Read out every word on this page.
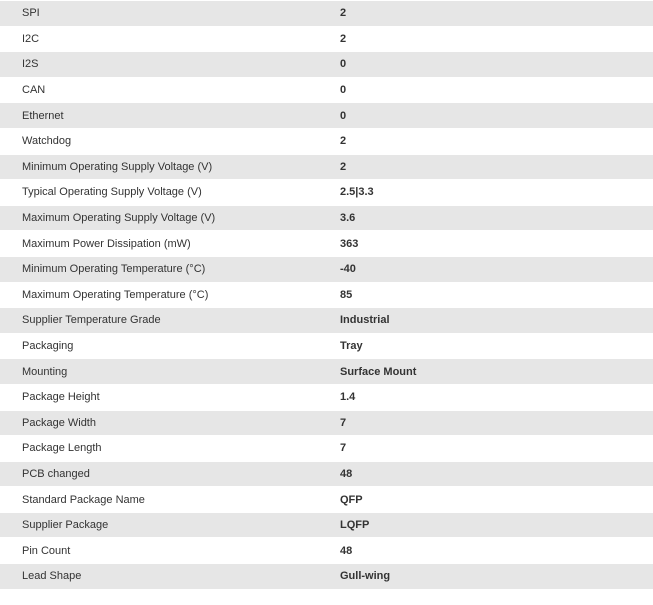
SPI	2
I2C	2
I2S	0
CAN	0
Ethernet	0
Watchdog	2
Minimum Operating Supply Voltage (V)	2
Typical Operating Supply Voltage (V)	2.5|3.3
Maximum Operating Supply Voltage (V)	3.6
Maximum Power Dissipation (mW)	363
Minimum Operating Temperature (°C)	-40
Maximum Operating Temperature (°C)	85
Supplier Temperature Grade	Industrial
Packaging	Tray
Mounting	Surface Mount
Package Height	1.4
Package Width	7
Package Length	7
PCB changed	48
Standard Package Name	QFP
Supplier Package	LQFP
Pin Count	48
Lead Shape	Gull-wing
